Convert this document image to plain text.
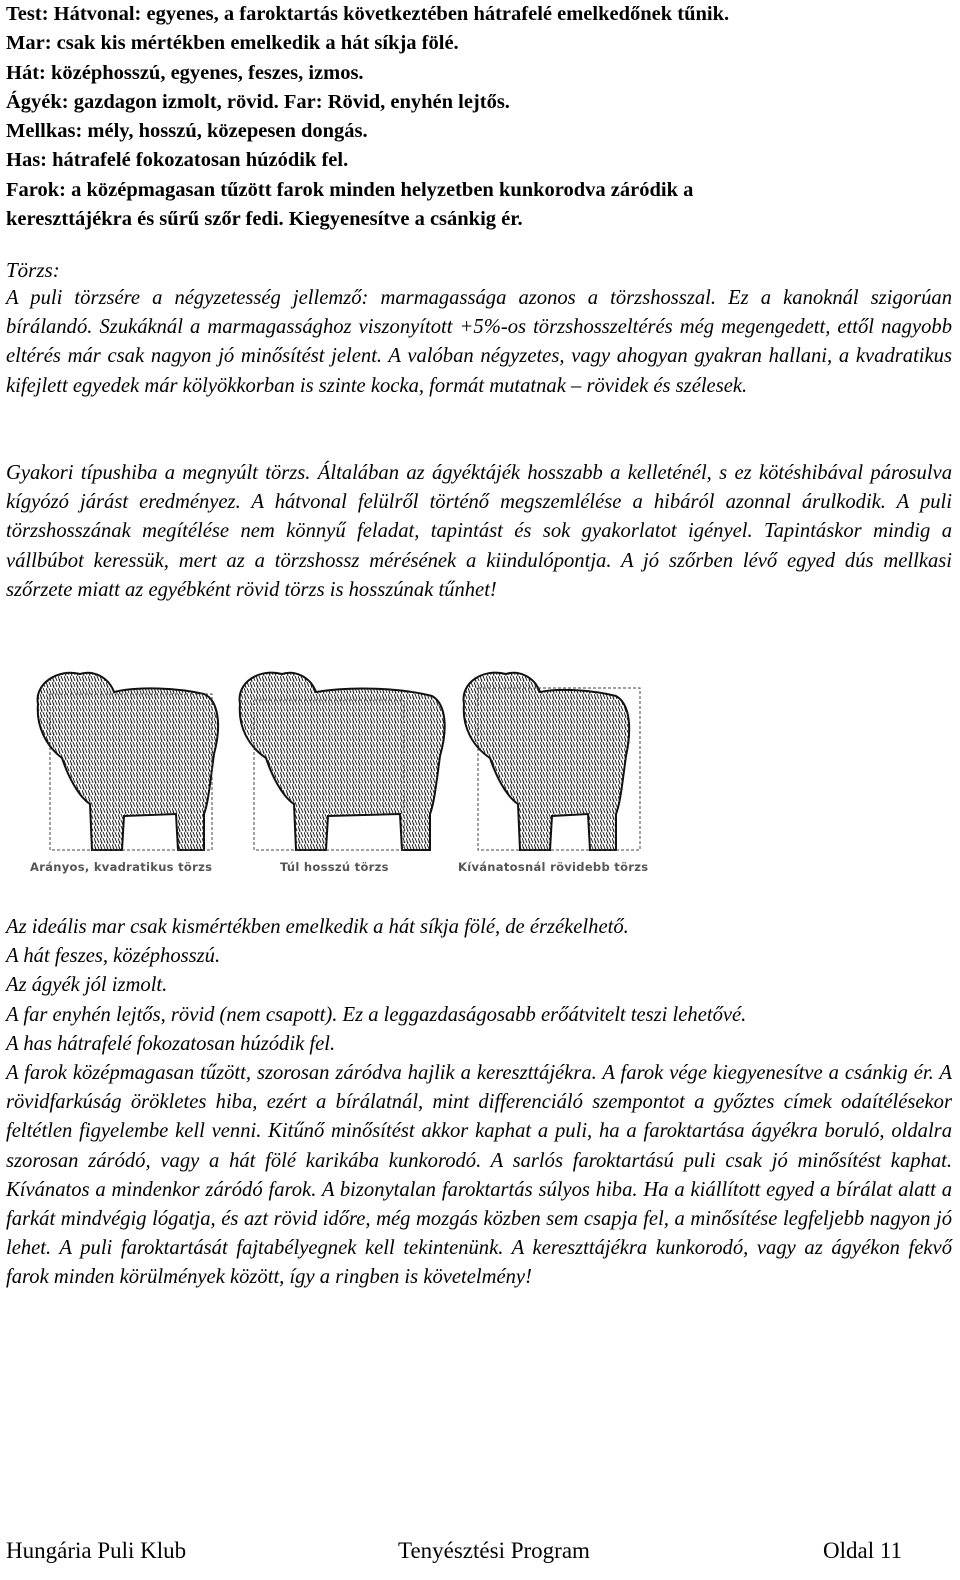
Test: Hátvonal: egyenes, a faroktartás következtében hátrafelé emelkedőnek tűnik.
Mar: csak kis mértékben emelkedik a hát síkja fölé.
Hát: középhosszú, egyenes, feszes, izmos.
Ágyék: gazdagon izmolt, rövid. Far: Rövid, enyhén lejtős.
Mellkas: mély, hosszú, közepesen dongás.
Has: hátrafelé fokozatosan húzódik fel.
Farok: a középmagasan tűzött farok minden helyzetben kunkorodva záródik a
kereszttájékra és sűrű szőr fedi. Kiegyenesítve a csánkig ér.
Törzs:
A puli törzsére a négyzetesség jellemző: marmagassága azonos a törzshosszal. Ez a kanoknál szigorúan bírálandó. Szukáknál a marmagassághoz viszonyított +5%-os törzshosszeltérés még megengedett, ettől nagyobb eltérés már csak nagyon jó minősítést jelent. A valóban négyzetes, vagy ahogyan gyakran hallani, a kvadratikus kifejlett egyedek már kölyökkorban is szinte kocka, formát mutatnak – rövidek és szélesek.
Gyakori típushiba a megnyúlt törzs. Általában az ágyéktájék hosszabb a kelleténél, s ez kötéshibával párosulva kígyózó járást eredményez. A hátvonal felülről történő megszemlélése a hibáról azonnal árulkodik. A puli törzshosszának megítélése nem könnyű feladat, tapintást és sok gyakorlatot igényel. Tapintáskor mindig a vállbúbot keressük, mert az a törzshossz mérésének a kiindulópontja. A jó szőrben lévő egyed dús mellkasi szőrzete miatt az egyébként rövid törzs is hosszúnak tűnhet!
Arányos, kvadratikus törzs	Túl hosszú törzs	Kívánatosnál rövidebb törzs
Az ideális mar csak kismértékben emelkedik a hát síkja fölé, de érzékelhető.
A hát feszes, középhosszú.
Az ágyék jól izmolt.
A far enyhén lejtős, rövid (nem csapott). Ez a leggazdaságosabb erőátvitelt teszi lehetővé.
A has hátrafelé fokozatosan húzódik fel.
A farok középmagasan tűzött, szorosan záródva hajlik a kereszttájékra. A farok vége kiegyenesítve a csánkig ér. A rövidfarkúság örökletes hiba, ezért a bírálatnál, mint differenciáló szempontot a győztes címek odaítélésekor feltétlen figyelembe kell venni. Kitűnő minősítést akkor kaphat a puli, ha a faroktartása ágyékra boruló, oldalra szorosan záródó, vagy a hát fölé karikába kunkorodó. A sarlós faroktartású puli csak jó minősítést kaphat. Kívánatos a mindenkor záródó farok. A bizonytalan faroktartás súlyos hiba. Ha a kiállított egyed a bírálat alatt a farkát mindvégig lógatja, és azt rövid időre, még mozgás közben sem csapja fel, a minősítése legfeljebb nagyon jó lehet. A puli faroktartását fajtabélyegnek kell tekintenünk. A kereszttájékra kunkorodó, vagy az ágyékon fekvő farok minden körülmények között, így a ringben is követelmény!
Hungária Puli Klub	Tenyésztési Program	Oldal 11
